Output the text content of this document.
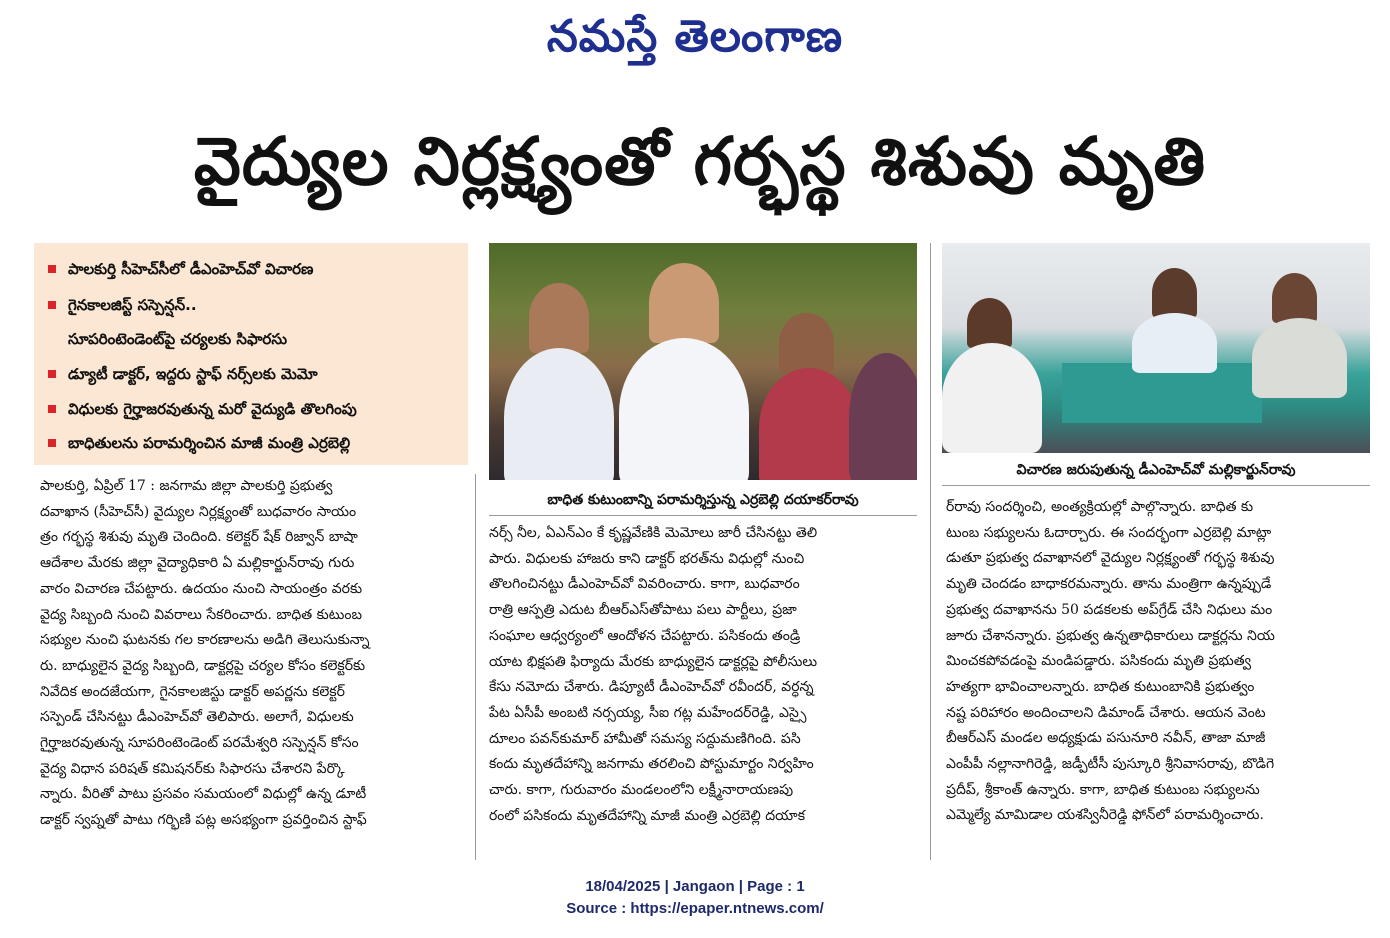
నమస్తే తెలంగాణ
వైద్యుల నిర్లక్ష్యంతో గర్భస్థ శిశువు మృతి
పాలకుర్తి సీహెచ్‌సీలో డీఎంహెచ్‌వో విచారణ
గైనకాలజిస్ట్ సస్పెన్షన్..
సూపరింటెండెంట్‌పై చర్యలకు సిఫారసు
డ్యూటీ డాక్టర్, ఇద్దరు స్టాఫ్ నర్స్‌లకు మెమో
విధులకు గైర్హాజరవుతున్న మరో వైద్యుడి తొలగింపు
బాధితులను పరామర్శించిన మాజీ మంత్రి ఎర్రబెల్లి
బాధిత కుటుంబాన్ని పరామర్శిస్తున్న ఎర్రబెల్లి దయాకర్‌రావు
విచారణ జరుపుతున్న డీఎంహెచ్‌వో మల్లికార్జున్‌రావు
పాలకుర్తి, ఏప్రిల్ 17 : జనగామ జిల్లా పాలకుర్తి ప్రభుత్వ
దవాఖాన (సీహెచ్‌సీ) వైద్యుల నిర్లక్ష్యంతో బుధవారం సాయం
త్రం గర్భస్థ శిశువు మృతి చెందింది. కలెక్టర్ షేక్ రిజ్వాన్ బాషా
ఆదేశాల మేరకు జిల్లా వైద్యాధికారి ఏ మల్లికార్జున్‌రావు గురు
వారం విచారణ చేపట్టారు. ఉదయం నుంచి సాయంత్రం వరకు
వైద్య సిబ్బంది నుంచి వివరాలు సేకరించారు. బాధిత కుటుంబ
సభ్యుల నుంచి ఘటనకు గల కారణాలను అడిగి తెలుసుకున్నా
రు. బాధ్యులైన వైద్య సిబ్బంది, డాక్టర్లపై చర్యల కోసం కలెక్టర్‌కు
నివేదిక అందజేయగా, గైనకాలజిస్టు డాక్టర్ అపర్ణను కలెక్టర్
సస్పెండ్ చేసినట్టు డీఎంహెచ్‌వో తెలిపారు. అలాగే, విధులకు
గైర్హాజరవుతున్న సూపరింటెండెంట్ పరమేశ్వరి సస్పెన్షన్ కోసం
వైద్య విధాన పరిషత్ కమిషనర్‌కు సిఫారసు చేశారని పేర్కొ
న్నారు. వీరితో పాటు ప్రసవం సమయంలో విధుల్లో ఉన్న డూటీ
డాక్టర్ స్వప్నతో పాటు గర్భిణి పట్ల అసభ్యంగా ప్రవర్తించిన స్టాఫ్
నర్స్ నీల, ఏఎన్‌ఎం కే కృష్ణవేణికి మెమోలు జారీ చేసినట్టు తెలి
పారు. విధులకు హాజరు కాని డాక్టర్ భరత్‌ను విధుల్లో నుంచి
తొలగించినట్టు డీఎంహెచ్‌వో వివరించారు. కాగా, బుధవారం
రాత్రి ఆస్పత్రి ఎదుట బీఆర్‌ఎస్‌తోపాటు పలు పార్టీలు, ప్రజా
సంఘాల ఆధ్వర్యంలో ఆందోళన చేపట్టారు. పసికందు తండ్రి
యాట భిక్షపతి ఫిర్యాదు మేరకు బాధ్యులైన డాక్టర్లపై పోలీసులు
కేసు నమోదు చేశారు. డిప్యూటీ డీఎంహెచ్‌వో రవీందర్, వర్ధన్న
పేట ఏసీపీ అంబటి నర్సయ్య, సీఐ గట్ల మహేందర్‌రెడ్డి, ఎస్సై
దూలం పవన్‌కుమార్ హామీతో సమస్య సద్దుమణిగింది. పసి
కందు మృతదేహాన్ని జనగామ తరలించి పోస్టుమార్టం నిర్వహిం
చారు. కాగా, గురువారం మండలంలోని లక్ష్మీనారాయణపు
రంలో పసికందు మృతదేహాన్ని మాజీ మంత్రి ఎర్రబెల్లి దయాక
ర్‌రావు సందర్శించి, అంత్యక్రియల్లో పాల్గొన్నారు. బాధిత కు
టుంబ సభ్యులను ఓదార్చారు. ఈ సందర్భంగా ఎర్రబెల్లి మాట్లా
డుతూ ప్రభుత్వ దవాఖానలో వైద్యుల నిర్లక్ష్యంతో గర్భస్థ శిశువు
మృతి చెందడం బాధాకరమన్నారు. తాను మంత్రిగా ఉన్నప్పుడే
ప్రభుత్వ దవాఖానను 50 పడకలకు అప్‌గ్రేడ్ చేసి నిధులు మం
జూరు చేశానన్నారు. ప్రభుత్వ ఉన్నతాధికారులు డాక్టర్లను నియ
మించకపోవడంపై మండిపడ్డారు. పసికందు మృతి ప్రభుత్వ
హత్యగా భావించాలన్నారు. బాధిత కుటుంబానికి ప్రభుత్వం
నష్ట పరిహారం అందించాలని డిమాండ్ చేశారు. ఆయన వెంట
బీఆర్‌ఎస్ మండల అధ్యక్షుడు పసునూరి నవీన్, తాజా మాజీ
ఎంపీపీ నల్లానాగిరెడ్డి, జడ్పీటీసీ పుస్కూరి శ్రీనివాసరావు, బొడిగె
ప్రదీప్, శ్రీకాంత్ ఉన్నారు. కాగా, బాధిత కుటుంబ సభ్యులను
ఎమ్మెల్యే మామిడాల యశస్వినీరెడ్డి ఫోన్‌లో పరామర్శించారు.
18/04/2025 | Jangaon | Page : 1
Source : https://epaper.ntnews.com/
